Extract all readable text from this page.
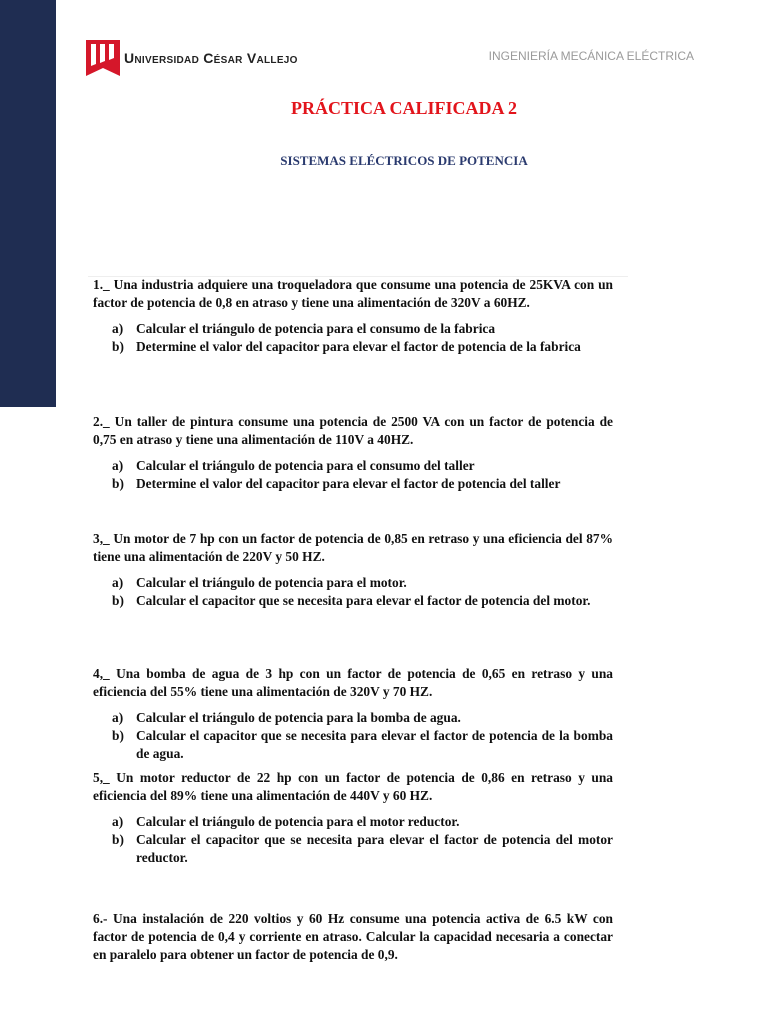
Universidad César Vallejo	INGENIERÍA MECÁNICA ELÉCTRICA
PRÁCTICA CALIFICADA 2
SISTEMAS ELÉCTRICOS DE POTENCIA

1._ Una industria adquiere una troqueladora que consume una potencia de 25KVA con un factor de potencia de 0,8 en atraso y tiene una alimentación de 320V a 60HZ.

a) Calcular el triángulo de potencia para el consumo de la fabrica
b) Determine el valor del capacitor para elevar el factor de potencia de la fabrica

2._ Un taller de pintura consume una potencia de 2500 VA con un factor de potencia de 0,75 en atraso y tiene una alimentación de 110V a 40HZ.

a) Calcular el triángulo de potencia para el consumo del taller
b) Determine el valor del capacitor para elevar el factor de potencia del taller

3,_ Un motor de 7 hp con un factor de potencia de 0,85 en retraso y una eficiencia del 87% tiene una alimentación de 220V y 50 HZ.

a) Calcular el triángulo de potencia para el motor.
b) Calcular el capacitor que se necesita para elevar el factor de potencia del motor.

4,_ Una bomba de agua de 3 hp con un factor de potencia de 0,65 en retraso y una eficiencia del 55% tiene una alimentación de 320V y 70 HZ.

a) Calcular el triángulo de potencia para la bomba de agua.
b) Calcular el capacitor que se necesita para elevar el factor de potencia de la bomba de agua.

5,_ Un motor reductor de 22 hp con un factor de potencia de 0,86 en retraso y una eficiencia del 89% tiene una alimentación de 440V y 60 HZ.

a) Calcular el triángulo de potencia para el motor reductor.
b) Calcular el capacitor que se necesita para elevar el factor de potencia del motor reductor.

6.- Una instalación de 220 voltios y 60 Hz consume una potencia activa de 6.5 kW con factor de potencia de 0,4 y corriente en atraso. Calcular la capacidad necesaria a conectar en paralelo para obtener un factor de potencia de 0,9.
